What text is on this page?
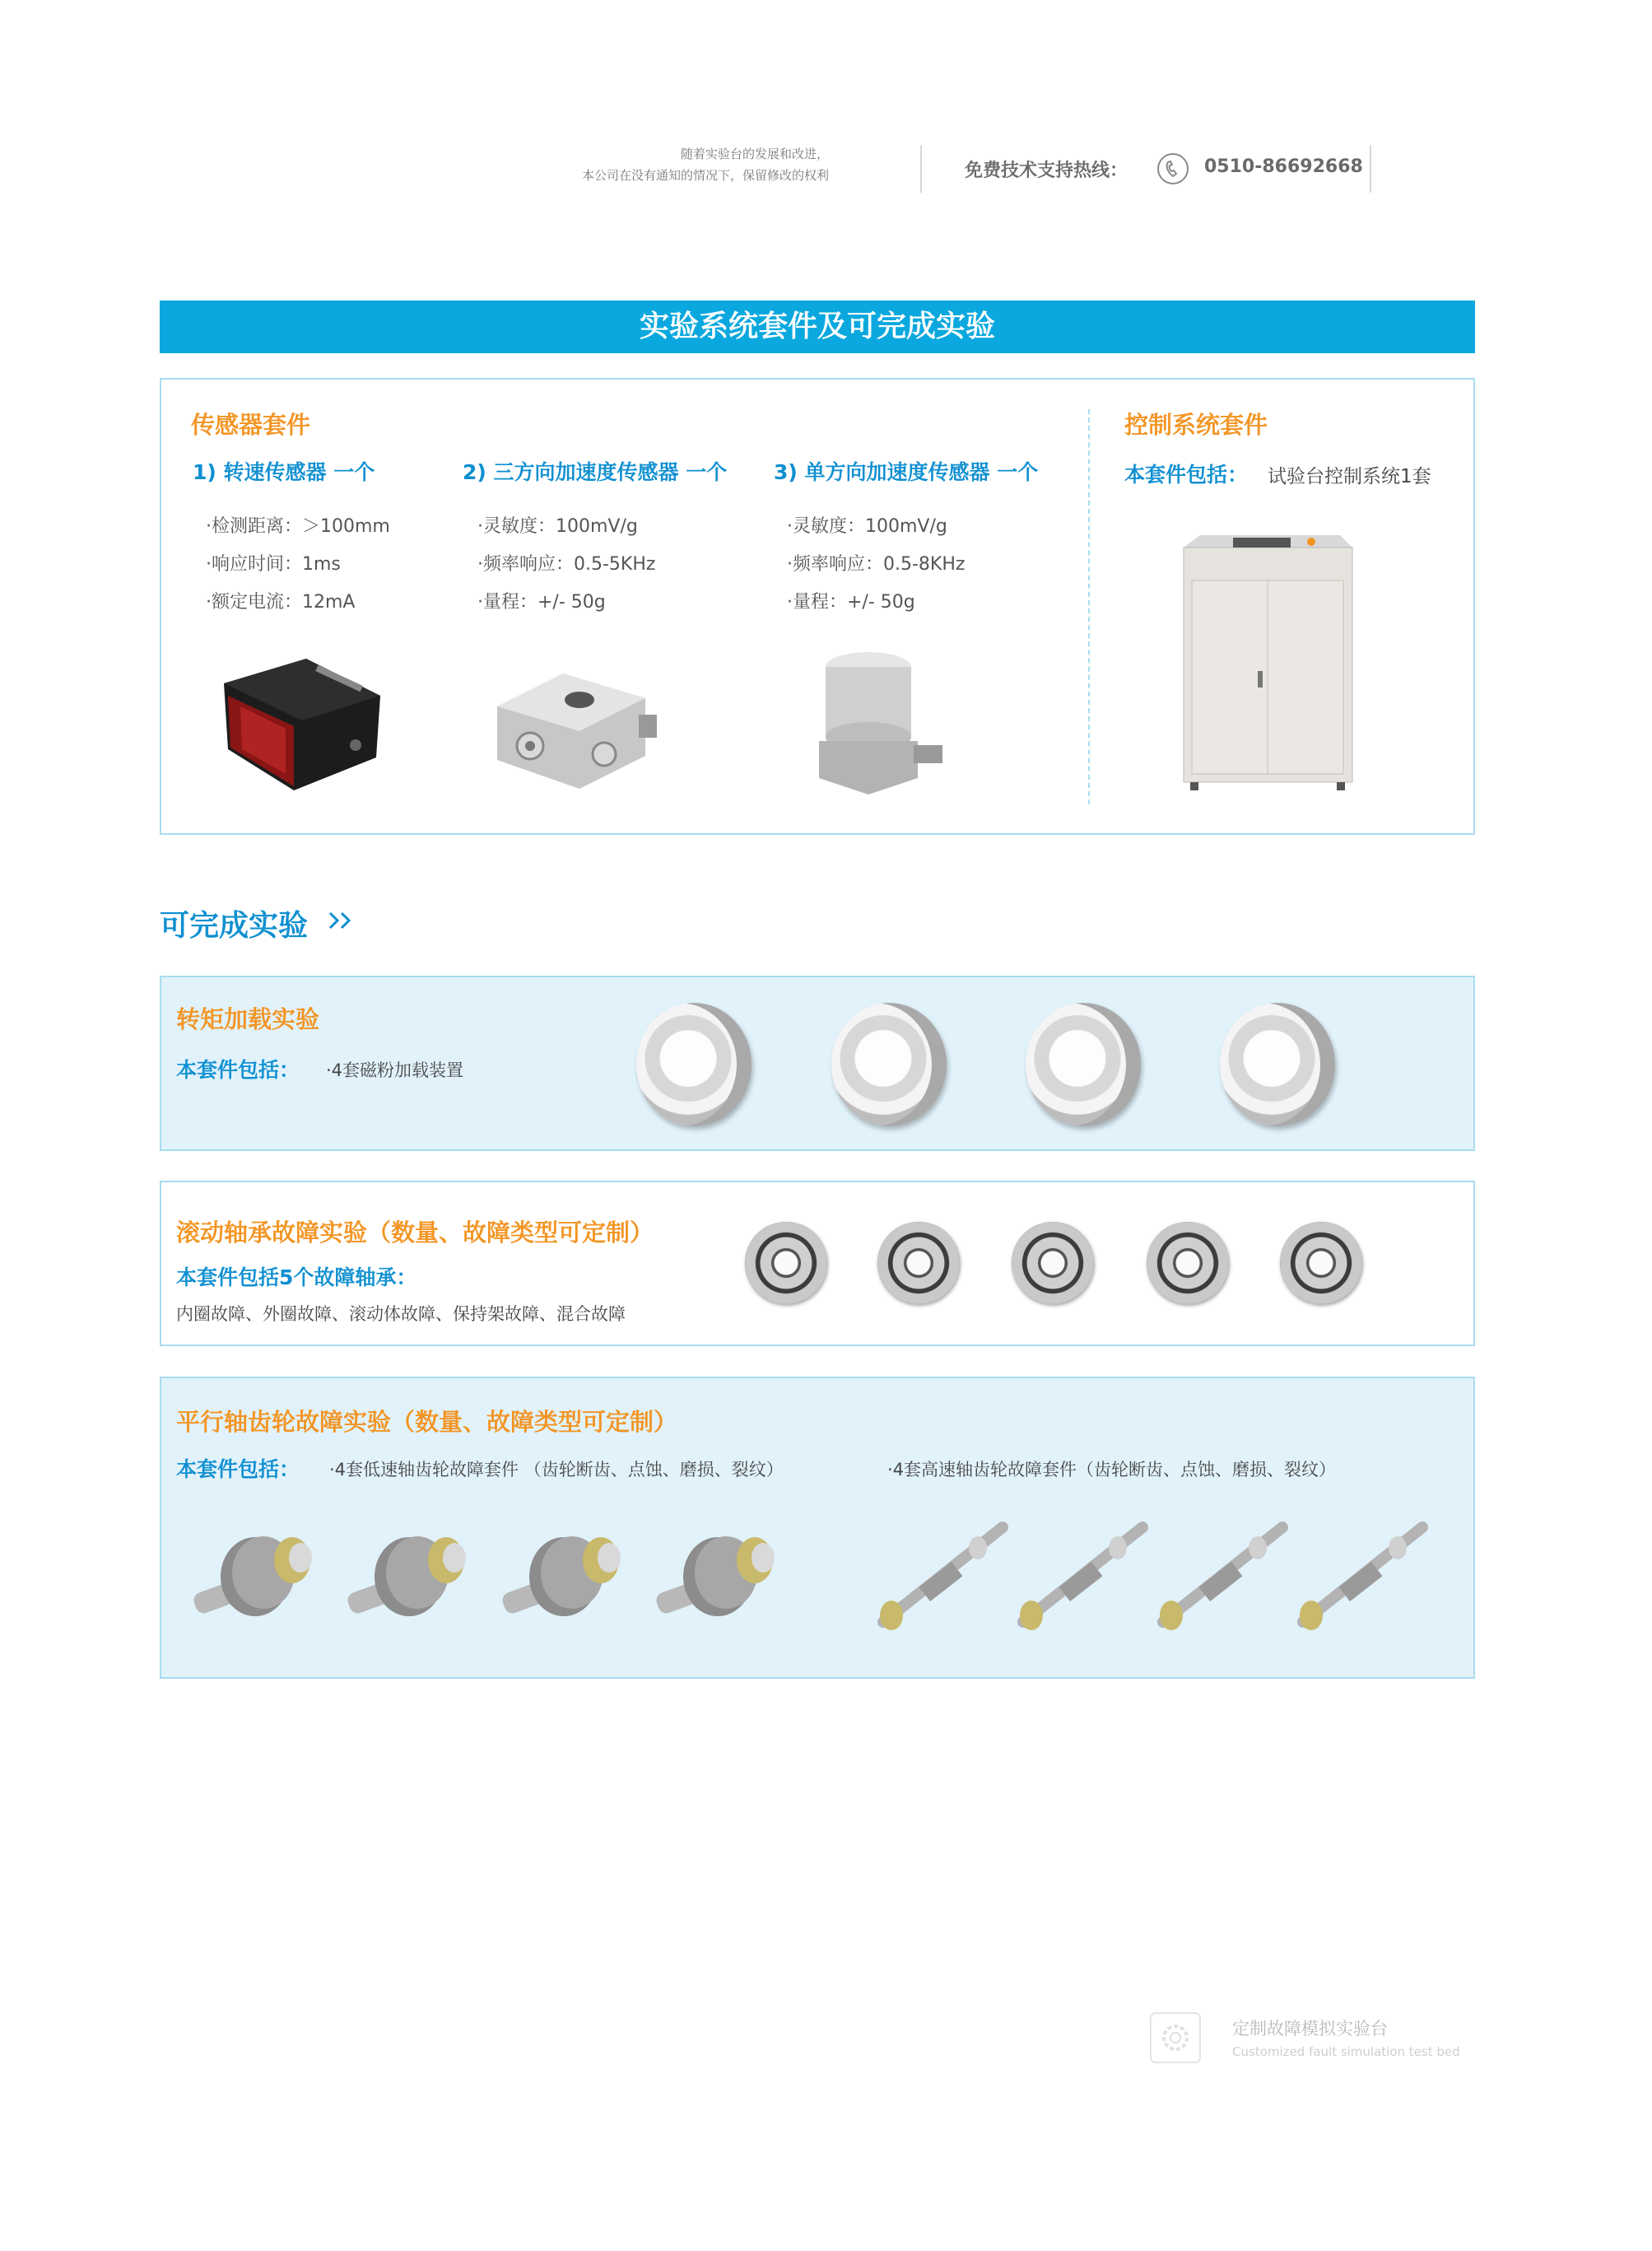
随着实验台的发展和改进，
本公司在没有通知的情况下，保留修改的权利	免费技术支持热线：	0510-86692668
实验系统套件及可完成实验
传感器套件
1) 转速传感器 一个
·检测距离：＞100mm
·响应时间：1ms
·额定电流：12mA
2) 三方向加速度传感器 一个
·灵敏度：100mV/g
·频率响应：0.5-5KHz
·量程：+/- 50g
3) 单方向加速度传感器 一个
·灵敏度：100mV/g
·频率响应：0.5-8KHz
·量程：+/- 50g
控制系统套件
本套件包括： 试验台控制系统1套
可完成实验
转矩加载实验
本套件包括： ·4套磁粉加载装置
滚动轴承故障实验（数量、故障类型可定制）
本套件包括5个故障轴承：
内圈故障、外圈故障、滚动体故障、保持架故障、混合故障
平行轴齿轮故障实验（数量、故障类型可定制）
本套件包括： ·4套低速轴齿轮故障套件 （齿轮断齿、点蚀、磨损、裂纹）	·4套高速轴齿轮故障套件（齿轮断齿、点蚀、磨损、裂纹）
定制故障模拟实验台
Customized fault simulation test bed
